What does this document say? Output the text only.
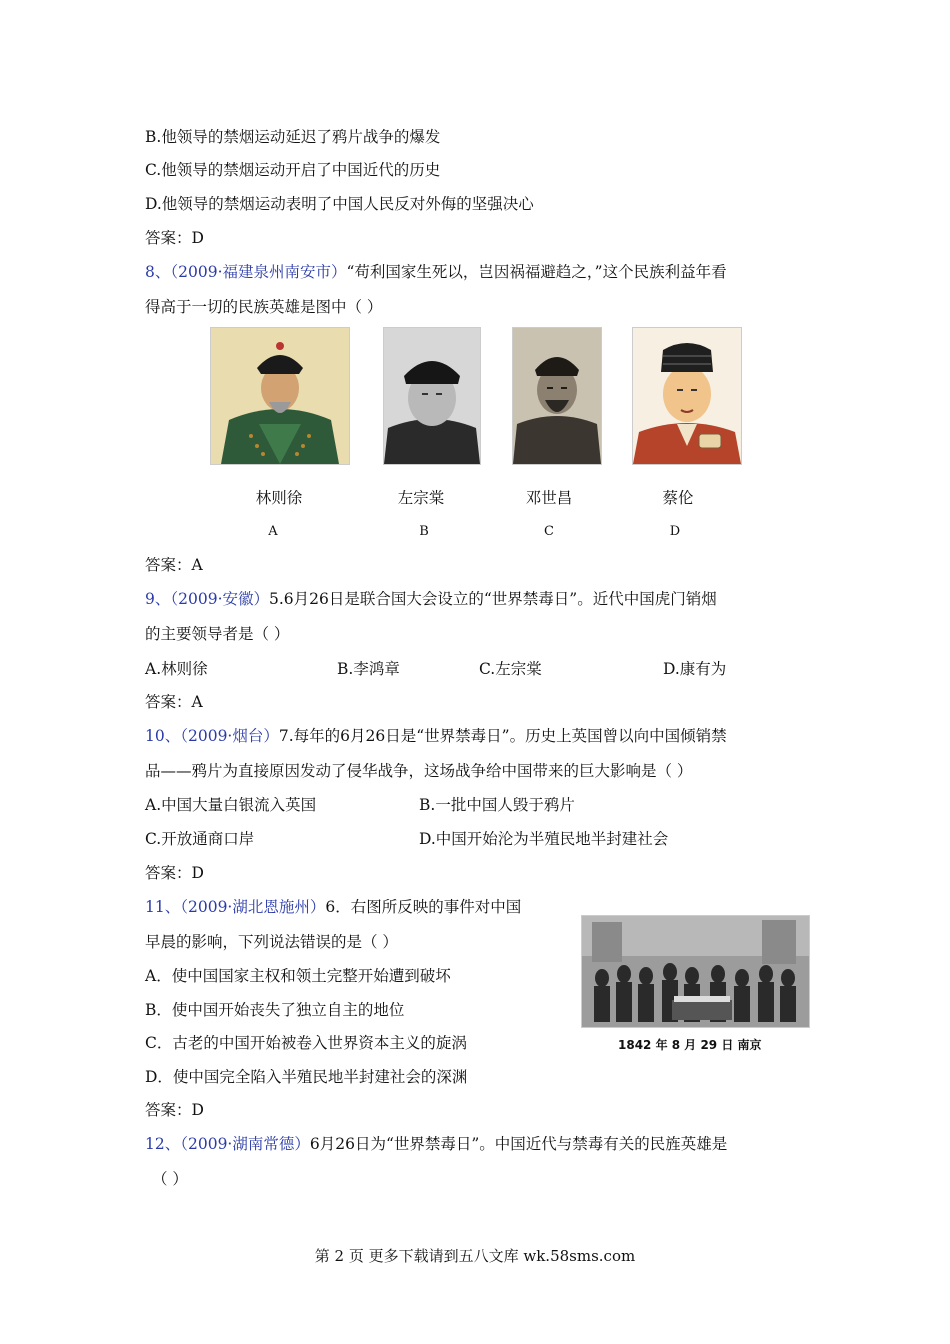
B.他领导的禁烟运动延迟了鸦片战争的爆发
C.他领导的禁烟运动开启了中国近代的历史
D.他领导的禁烟运动表明了中国人民反对外侮的坚强决心
答案：D
8、（2009·福建泉州南安市）“苟利国家生死以，岂因祸福避趋之，”这个民族利益年看
得高于一切的民族英雄是图中（ ）
林则徐	左宗棠	邓世昌	蔡伦
A	B	C	D
答案：A
9、（2009·安徽）5.6月26日是联合国大会设立的“世界禁毒日”。近代中国虎门销烟
的主要领导者是（ ）
A.林则徐	B.李鸿章	C.左宗棠	D.康有为
答案：A
10、（2009·烟台）7.每年的6月26日是“世界禁毒日”。历史上英国曾以向中国倾销禁
品——鸦片为直接原因发动了侵华战争，这场战争给中国带来的巨大影响是（ ）
A.中国大量白银流入英国	B.一批中国人毁于鸦片
C.开放通商口岸	D.中国开始沦为半殖民地半封建社会
答案：D
11、（2009·湖北恩施州）6．右图所反映的事件对中国
早晨的影响，下列说法错误的是（ ）
A．使中国国家主权和领土完整开始遭到破坏
B．使中国开始丧失了独立自主的地位
C．古老的中国开始被卷入世界资本主义的旋涡
D．使中国完全陷入半殖民地半封建社会的深渊
1842 年 8 月 29 日 南京
答案：D
12、（2009·湖南常德）6月26日为“世界禁毒日”。中国近代与禁毒有关的民旌英雄是
（ ）
第 2 页 更多下载请到五八文库 wk.58sms.com
